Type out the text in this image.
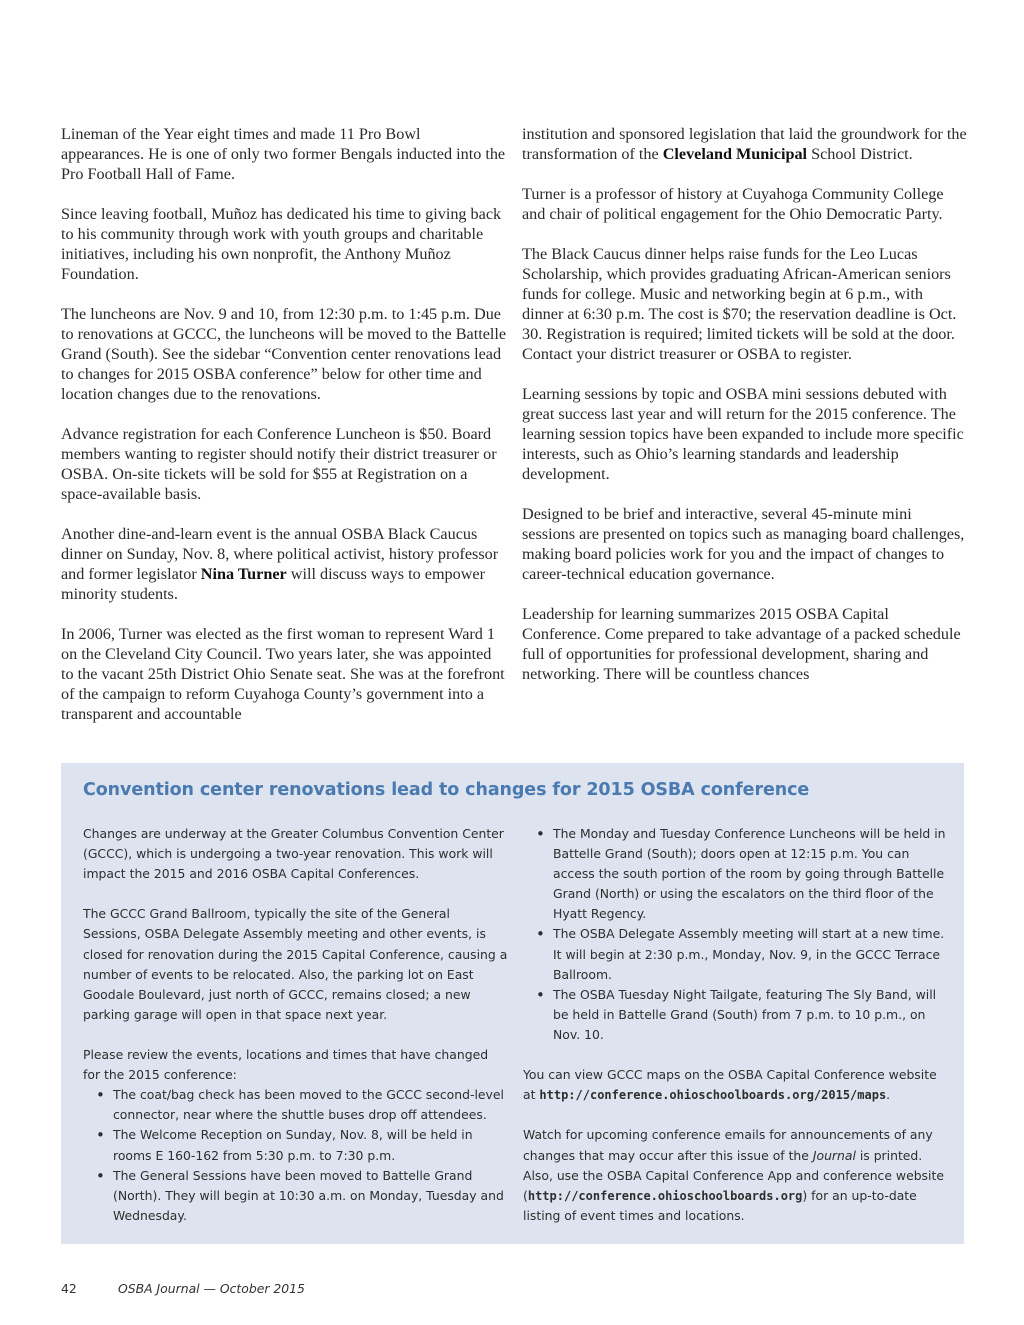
Lineman of the Year eight times and made 11 Pro Bowl appearances. He is one of only two former Bengals inducted into the Pro Football Hall of Fame.

Since leaving football, Muñoz has dedicated his time to giving back to his community through work with youth groups and charitable initiatives, including his own nonprofit, the Anthony Muñoz Foundation.

The luncheons are Nov. 9 and 10, from 12:30 p.m. to 1:45 p.m. Due to renovations at GCCC, the luncheons will be moved to the Battelle Grand (South). See the sidebar “Convention center renovations lead to changes for 2015 OSBA conference” below for other time and location changes due to the renovations.

Advance registration for each Conference Luncheon is $50. Board members wanting to register should notify their district treasurer or OSBA. On-site tickets will be sold for $55 at Registration on a space-available basis.

Another dine-and-learn event is the annual OSBA Black Caucus dinner on Sunday, Nov. 8, where political activist, history professor and former legislator Nina Turner will discuss ways to empower minority students.

In 2006, Turner was elected as the first woman to represent Ward 1 on the Cleveland City Council. Two years later, she was appointed to the vacant 25th District Ohio Senate seat. She was at the forefront of the campaign to reform Cuyahoga County’s government into a transparent and accountable

institution and sponsored legislation that laid the groundwork for the transformation of the Cleveland Municipal School District.

Turner is a professor of history at Cuyahoga Community College and chair of political engagement for the Ohio Democratic Party.

The Black Caucus dinner helps raise funds for the Leo Lucas Scholarship, which provides graduating African-American seniors funds for college. Music and networking begin at 6 p.m., with dinner at 6:30 p.m. The cost is $70; the reservation deadline is Oct. 30. Registration is required; limited tickets will be sold at the door. Contact your district treasurer or OSBA to register.

Learning sessions by topic and OSBA mini sessions debuted with great success last year and will return for the 2015 conference. The learning session topics have been expanded to include more specific interests, such as Ohio’s learning standards and leadership development.

Designed to be brief and interactive, several 45-minute mini sessions are presented on topics such as managing board challenges, making board policies work for you and the impact of changes to career-technical education governance.

Leadership for learning summarizes 2015 OSBA Capital Conference. Come prepared to take advantage of a packed schedule full of opportunities for professional development, sharing and networking. There will be countless chances

Convention center renovations lead to changes for 2015 OSBA conference

Changes are underway at the Greater Columbus Convention Center (GCCC), which is undergoing a two-year renovation. This work will impact the 2015 and 2016 OSBA Capital Conferences.

The GCCC Grand Ballroom, typically the site of the General Sessions, OSBA Delegate Assembly meeting and other events, is closed for renovation during the 2015 Capital Conference, causing a number of events to be relocated. Also, the parking lot on East Goodale Boulevard, just north of GCCC, remains closed; a new parking garage will open in that space next year.

Please review the events, locations and times that have changed for the 2015 conference:

• The coat/bag check has been moved to the GCCC second-level connector, near where the shuttle buses drop off attendees.
• The Welcome Reception on Sunday, Nov. 8, will be held in rooms E 160-162 from 5:30 p.m. to 7:30 p.m.
• The General Sessions have been moved to Battelle Grand (North). They will begin at 10:30 a.m. on Monday, Tuesday and Wednesday.
• The Monday and Tuesday Conference Luncheons will be held in Battelle Grand (South); doors open at 12:15 p.m. You can access the south portion of the room by going through Battelle Grand (North) or using the escalators on the third floor of the Hyatt Regency.
• The OSBA Delegate Assembly meeting will start at a new time. It will begin at 2:30 p.m., Monday, Nov. 9, in the GCCC Terrace Ballroom.
• The OSBA Tuesday Night Tailgate, featuring The Sly Band, will be held in Battelle Grand (South) from 7 p.m. to 10 p.m., on Nov. 10.

You can view GCCC maps on the OSBA Capital Conference website at http://conference.ohioschoolboards.org/2015/maps.

Watch for upcoming conference emails for announcements of any changes that may occur after this issue of the Journal is printed. Also, use the OSBA Capital Conference App and conference website (http://conference.ohioschoolboards.org) for an up-to-date listing of event times and locations.

42	OSBA Journal — October 2015
